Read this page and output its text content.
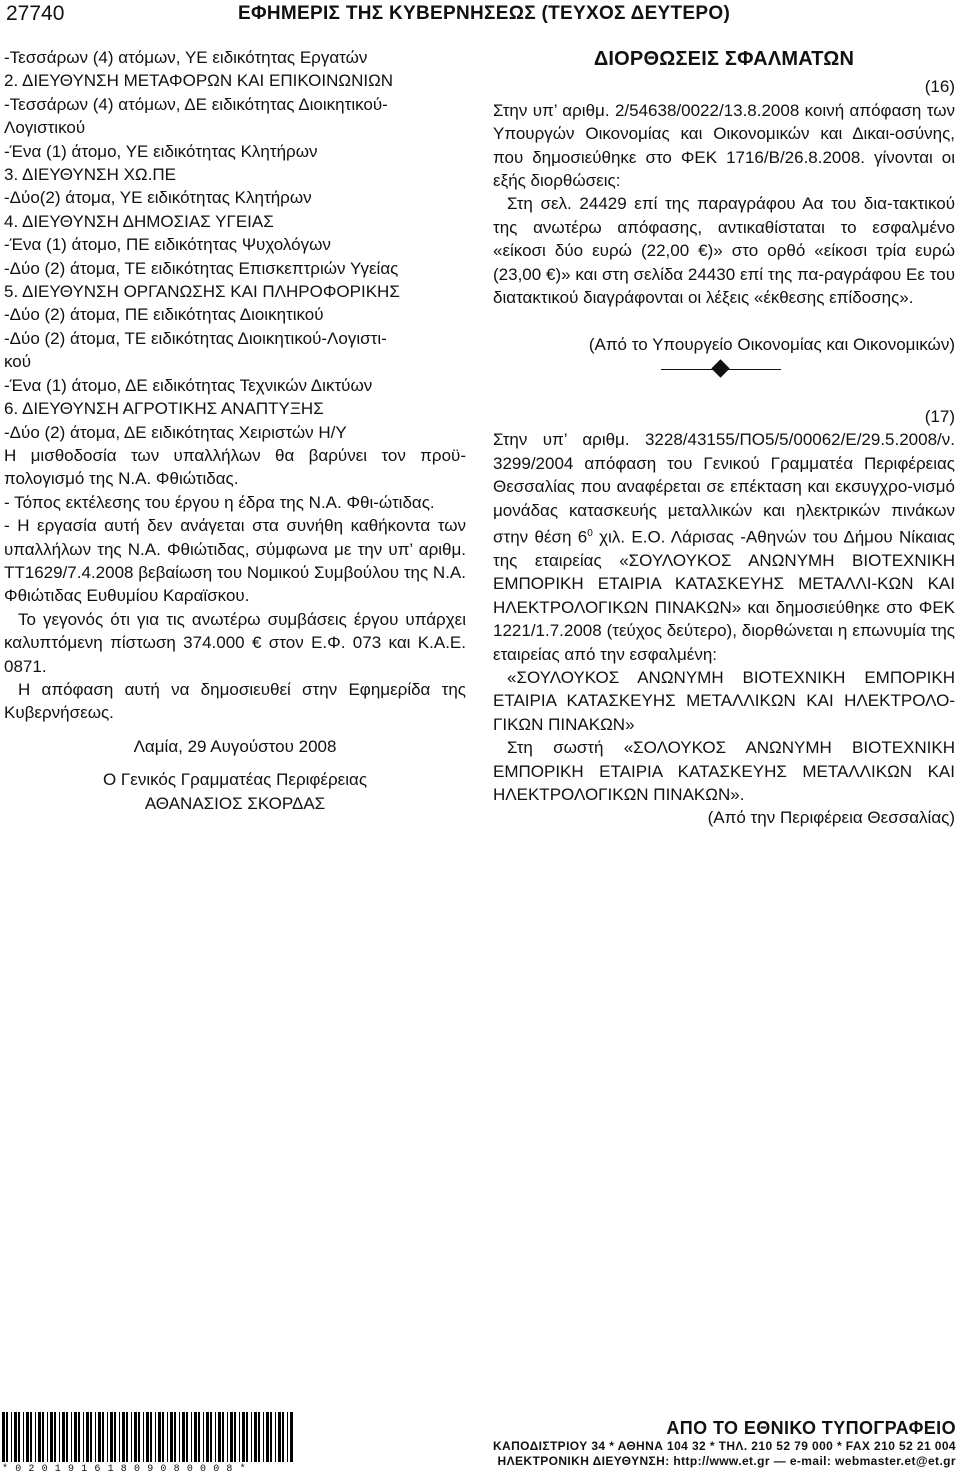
27740	ΕΦΗΜΕΡΙΣ ΤΗΣ ΚΥΒΕΡΝΗΣΕΩΣ (ΤΕΥΧΟΣ ΔΕΥΤΕΡΟ)

-Τεσσάρων (4) ατόμων, ΥΕ ειδικότητας Εργατών

2. ΔΙΕΥΘΥΝΣΗ ΜΕΤΑΦΟΡΩΝ ΚΑΙ ΕΠΙΚΟΙΝΩΝΙΩΝ

-Τεσσάρων (4) ατόμων, ΔΕ ειδικότητας Διοικητικού-

Λογιστικού

-Ένα (1) άτομο, ΥΕ ειδικότητας Κλητήρων

3. ΔΙΕΥΘΥΝΣΗ ΧΩ.ΠΕ

-Δύο(2) άτομα, ΥΕ ειδικότητας Κλητήρων

4. ΔΙΕΥΘΥΝΣΗ ΔΗΜΟΣΙΑΣ ΥΓΕΙΑΣ

-Ένα (1) άτομο, ΠΕ ειδικότητας Ψυχολόγων

-Δύο (2) άτομα, ΤΕ ειδικότητας Επισκεπτριών Υγείας

5. ΔΙΕΥΘΥΝΣΗ ΟΡΓΑΝΩΣΗΣ ΚΑΙ ΠΛΗΡΟΦΟΡΙΚΗΣ

-Δύο (2) άτομα, ΠΕ ειδικότητας Διοικητικού

-Δύο (2) άτομα, ΤΕ ειδικότητας Διοικητικού-Λογιστι-

κού

-Ένα (1) άτομο, ΔΕ ειδικότητας Τεχνικών Δικτύων

6. ΔΙΕΥΘΥΝΣΗ ΑΓΡΟΤΙΚΗΣ ΑΝΑΠΤΥΞΗΣ

-Δύο (2) άτομα, ΔΕ ειδικότητας Χειριστών Η/Υ

Η μισθοδοσία των υπαλλήλων θα βαρύνει τον προϋ-πολογισμό της Ν.Α. Φθιώτιδας.

- Τόπος εκτέλεσης του έργου η έδρα της Ν.Α. Φθι-ώτιδας.

- Η εργασία αυτή δεν ανάγεται στα συνήθη καθήκοντα των υπαλλήλων της Ν.Α. Φθιώτιδας, σύμφωνα με την υπ’ αριθμ. ΤΤ1629/7.4.2008 βεβαίωση του Νομικού Συμβούλου της Ν.Α. Φθιώτιδας Ευθυμίου Καραϊσκου.

Το γεγονός ότι για τις ανωτέρω συμβάσεις έργου υπάρχει καλυπτόμενη πίστωση 374.000 € στον Ε.Φ. 073 και Κ.Α.Ε. 0871.

Η απόφαση αυτή να δημοσιευθεί στην Εφημερίδα της Κυβερνήσεως.

Λαμία, 29 Αυγούστου 2008

Ο Γενικός Γραμματέας Περιφέρειας

ΑΘΑΝΑΣΙΟΣ ΣΚΟΡΔΑΣ

ΔΙΟΡΘΩΣΕΙΣ ΣΦΑΛΜΑΤΩΝ

(16)

Στην υπ’ αριθμ. 2/54638/0022/13.8.2008 κοινή απόφαση των Υπουργών Οικονομίας και Οικονομικών και Δικαι-οσύνης, που δημοσιεύθηκε στο ΦΕΚ 1716/Β/26.8.2008. γίνονται οι εξής διορθώσεις:

Στη σελ. 24429 επί της παραγράφου Αα του δια-τακτικού της ανωτέρω απόφασης, αντικαθίσταται το εσφαλμένο «είκοσι δύο ευρώ (22,00 €)» στο ορθό «είκοσι τρία ευρώ (23,00 €)» και στη σελίδα 24430 επί της πα-ραγράφου Εε του διατακτικού διαγράφονται οι λέξεις «έκθεσης επίδοσης».

(Από το Υπουργείο Οικονομίας και Οικονομικών)

(17)

Στην υπ’ αριθμ. 3228/43155/ΠΟ5/5/00062/Ε/29.5.2008/ν. 3299/2004 απόφαση του Γενικού Γραμματέα Περιφέρειας Θεσσαλίας που αναφέρεται σε επέκταση και εκσυγχρο-νισμό μονάδας κατασκευής μεταλλικών και ηλεκτρικών πινάκων στην θέση $6^0$ χιλ. Ε.Ο. Λάρισας -Αθηνών του Δήμου Νίκαιας της εταιρείας «ΣΟΥΛΟΥΚΟΣ ΑΝΩΝΥΜΗ ΒΙΟΤΕΧΝΙΚΗ ΕΜΠΟΡΙΚΗ ΕΤΑΙΡΙΑ ΚΑΤΑΣΚΕΥΗΣ ΜΕΤΑΛΛΙ-ΚΩΝ ΚΑΙ ΗΛΕΚΤΡΟΛΟΓΙΚΩΝ ΠΙΝΑΚΩΝ» και δημοσιεύθηκε στο ΦΕΚ 1221/1.7.2008 (τεύχος δεύτερο), διορθώνεται η επωνυμία της εταιρείας από την εσφαλμένη:

«ΣΟΥΛΟΥΚΟΣ ΑΝΩΝΥΜΗ ΒΙΟΤΕΧΝΙΚΗ ΕΜΠΟΡΙΚΗ ΕΤΑΙΡΙΑ ΚΑΤΑΣΚΕΥΗΣ ΜΕΤΑΛΛΙΚΩΝ ΚΑΙ ΗΛΕΚΤΡΟΛΟ-ΓΙΚΩΝ ΠΙΝΑΚΩΝ»

Στη σωστή «ΣΟΛΟΥΚΟΣ ΑΝΩΝΥΜΗ ΒΙΟΤΕΧΝΙΚΗ ΕΜΠΟΡΙΚΗ ΕΤΑΙΡΙΑ ΚΑΤΑΣΚΕΥΗΣ ΜΕΤΑΛΛΙΚΩΝ ΚΑΙ ΗΛΕΚΤΡΟΛΟΓΙΚΩΝ ΠΙΝΑΚΩΝ».

(Από την Περιφέρεια Θεσσαλίας)

*02019161809080008*
ΑΠΟ ΤΟ ΕΘΝΙΚΟ ΤΥΠΟΓΡΑΦΕΙΟ
ΚΑΠΟΔΙΣΤΡΙΟΥ 34 * ΑΘΗΝΑ 104 32 * ΤΗΛ. 210 52 79 000 * FAX 210 52 21 004
ΗΛΕΚΤΡΟΝΙΚΗ ΔΙΕΥΘΥΝΣΗ: http://www.et.gr — e-mail: webmaster.et@et.gr
